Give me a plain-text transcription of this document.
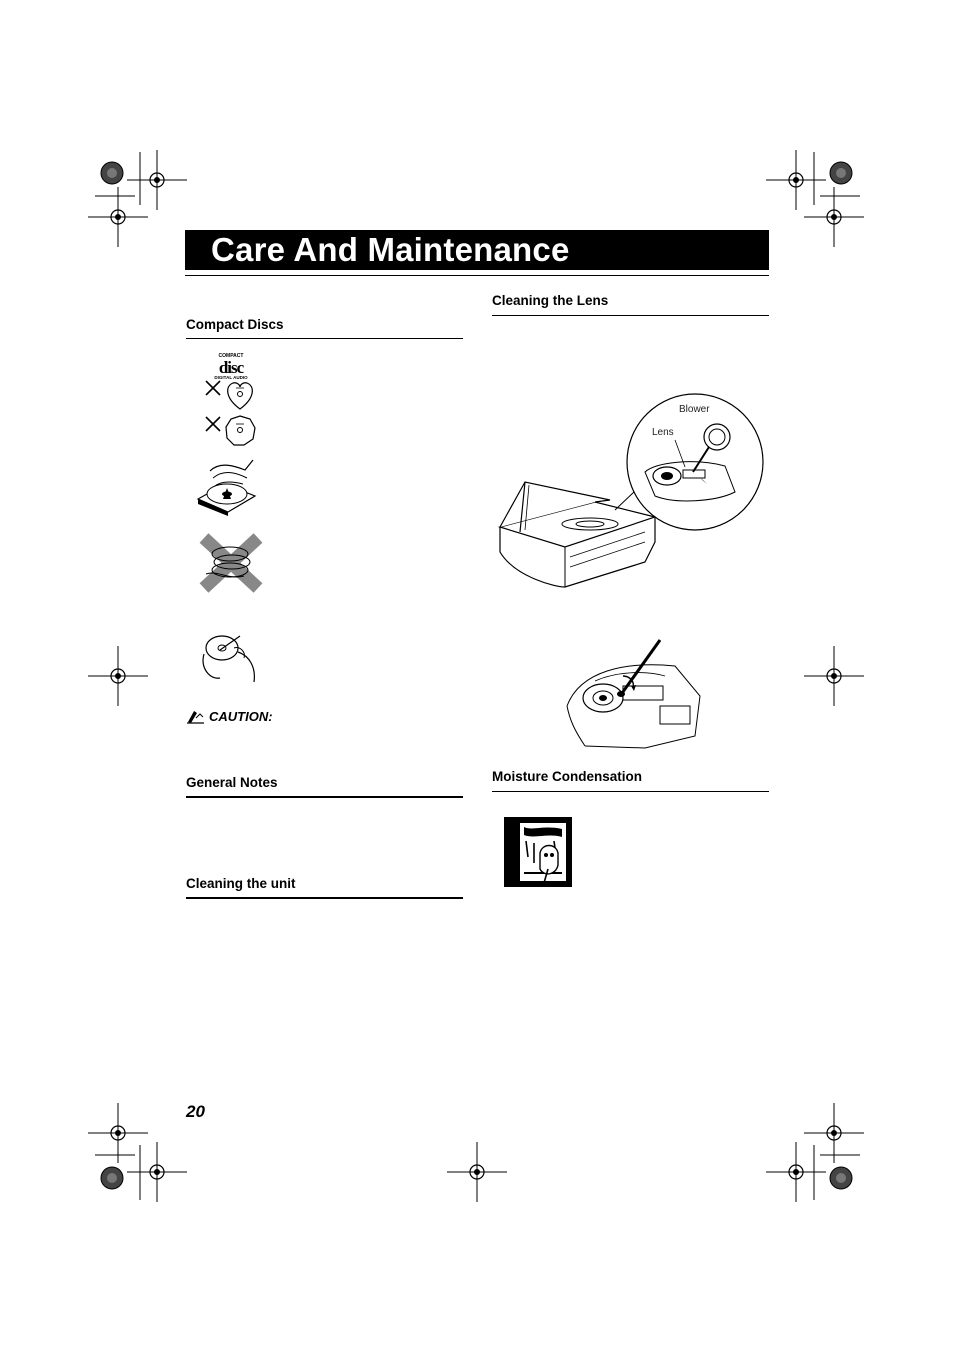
Care And Maintenance
Compact Discs
COMPACT
disc
DIGITAL AUDIO
CAUTION:
General Notes
Cleaning the unit
Cleaning the Lens
Blower
Lens
Moisture Condensation
20
